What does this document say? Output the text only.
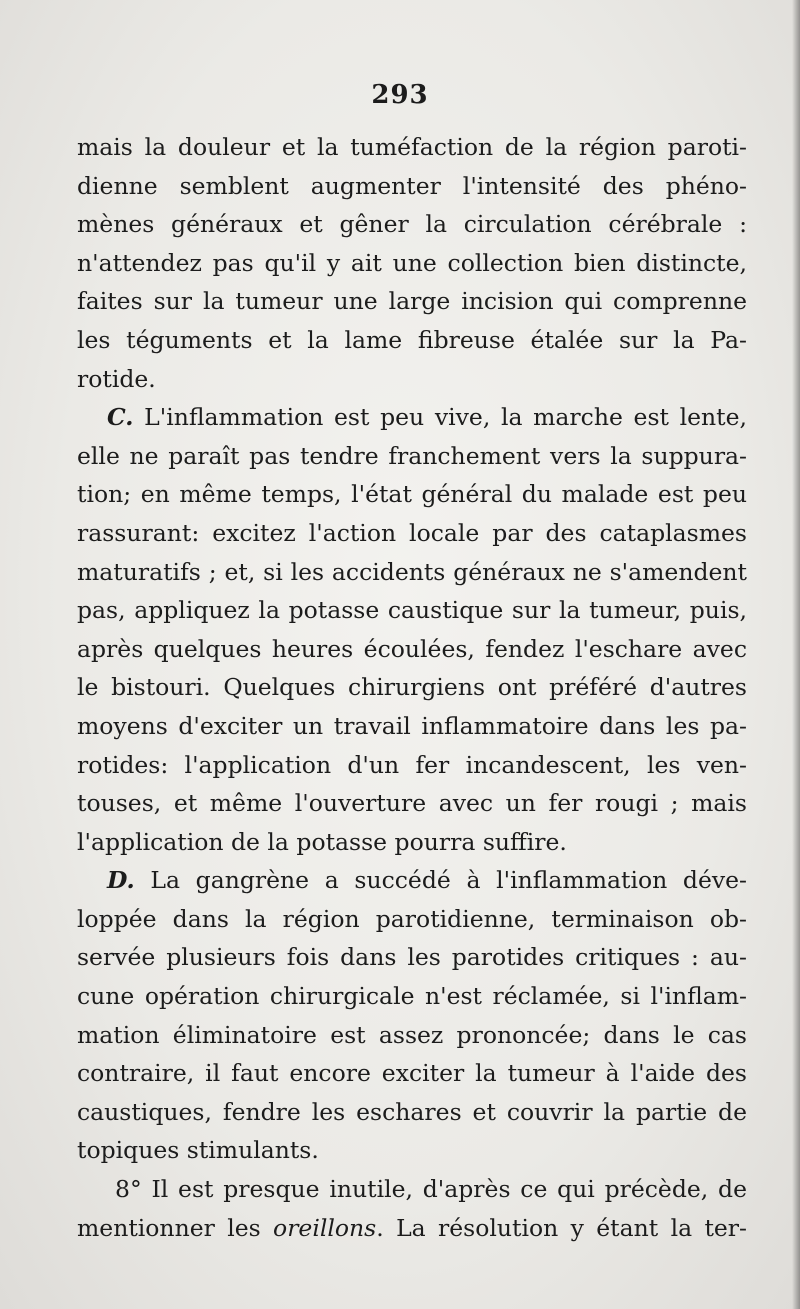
293
mais la douleur et la tuméfaction de la région paroti-
dienne semblent augmenter l'intensité des phéno-
mènes généraux et gêner la circulation cérébrale :
n'attendez pas qu'il y ait une collection bien distincte,
faites sur la tumeur une large incision qui comprenne
les téguments et la lame fibreuse étalée sur la Pa-
rotide.
C. L'inflammation est peu vive, la marche est lente,
elle ne paraît pas tendre franchement vers la suppura-
tion; en même temps, l'état général du malade est peu
rassurant: excitez l'action locale par des cataplasmes
maturatifs ; et, si les accidents généraux ne s'amendent
pas, appliquez la potasse caustique sur la tumeur, puis,
après quelques heures écoulées, fendez l'eschare avec
le bistouri. Quelques chirurgiens ont préféré d'autres
moyens d'exciter un travail inflammatoire dans les pa-
rotides: l'application d'un fer incandescent, les ven-
touses, et même l'ouverture avec un fer rougi ; mais
l'application de la potasse pourra suffire.
D. La gangrène a succédé à l'inflammation déve-
loppée dans la région parotidienne, terminaison ob-
servée plusieurs fois dans les parotides critiques : au-
cune opération chirurgicale n'est réclamée, si l'inflam-
mation éliminatoire est assez prononcée; dans le cas
contraire, il faut encore exciter la tumeur à l'aide des
caustiques, fendre les eschares et couvrir la partie de
topiques stimulants.
8° Il est presque inutile, d'après ce qui précède, de
mentionner les oreillons. La résolution y étant la ter-
